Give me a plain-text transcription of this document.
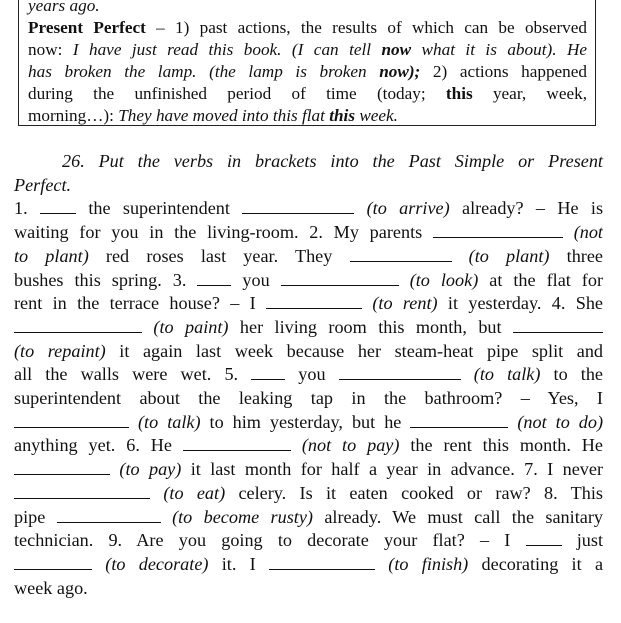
years ago.
Present Perfect – 1) past actions, the results of which can be observed
now: I have just read this book. (I can tell now what it is about). He
has broken the lamp. (the lamp is broken now); 2) actions happened
during the unfinished period of time (today; this year, week,
morning…): They have moved into this flat this week.
26. Put the verbs in brackets into the Past Simple or Present
Perfect.
1.  the superintendent	(to arrive) already? – He is
waiting for you in the living-room. 2. My parents	(not
to plant) red roses last year. They	(to plant) three
bushes this spring. 3.  you	(to look) at the flat for
rent in the terrace house? – I	(to rent) it yesterday. 4. She
(to paint) her living room this month, but
(to repaint) it again last week because her steam-heat pipe split and
all the walls were wet. 5.  you	(to talk) to the
superintendent about the leaking tap in the bathroom? – Yes, I
(to talk) to him yesterday, but he	(not to do)
anything yet. 6. He	(not to pay) the rent this month. He
(to pay) it last month for half a year in advance. 7. I never
(to eat) celery. Is it eaten cooked or raw? 8. This
pipe	(to become rusty) already. We must call the sanitary
technician. 9. Are you going to decorate your flat? – I  just
(to decorate) it. I	(to finish) decorating it a
week ago.
